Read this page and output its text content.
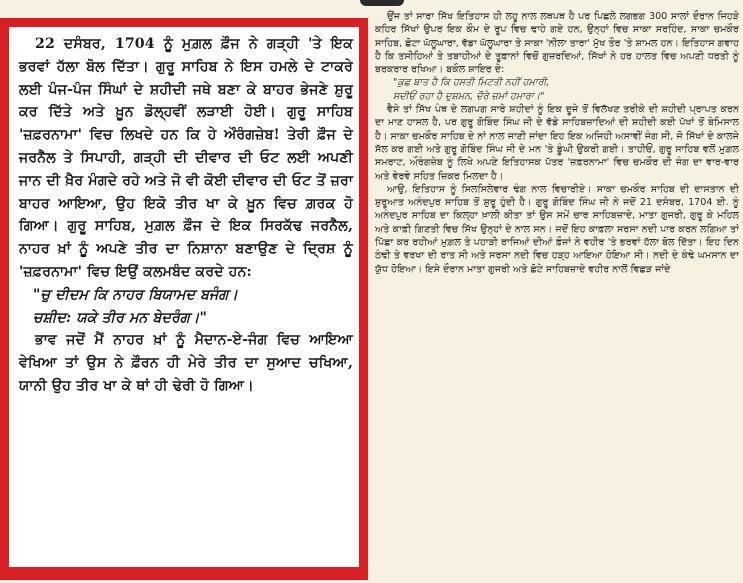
22 ਦਸੰਬਰ, 1704 ਨੂੰ ਮੁਗ਼ਲ ਫ਼ੌਜ ਨੇ ਗੜ੍ਹੀ 'ਤੇ ਇਕ ਭਰਵਾਂ ਹੱਲਾ ਬੋਲ ਦਿੱਤਾ। ਗੁਰੂ ਸਾਹਿਬ ਨੇ ਇਸ ਹਮਲੇ ਦੇ ਟਾਕਰੇ ਲਈ ਪੰਜ-ਪੰਜ ਸਿੰਘਾਂ ਦੇ ਸ਼ਹੀਦੀ ਜਥੇ ਬਣਾ ਕੇ ਬਾਹਰ ਭੇਜਣੇ ਸ਼ੁਰੂ ਕਰ ਦਿੱਤੇ ਅਤੇ ਖ਼ੂਨ ਡੋਲ੍ਹਵੀਂ ਲੜਾਈ ਹੋਈ। ਗੁਰੂ ਸਾਹਿਬ 'ਜ਼ਫ਼ਰਨਾਮਾ' ਵਿਚ ਲਿਖਦੇ ਹਨ ਕਿ ਹੇ ਔਰੰਗਜ਼ੇਬ! ਤੇਰੀ ਫ਼ੌਜ ਦੇ ਜਰਨੈਲ ਤੇ ਸਿਪਾਹੀ, ਗੜ੍ਹੀ ਦੀ ਦੀਵਾਰ ਦੀ ਓਟ ਲਈ ਅਪਣੀ ਜਾਨ ਦੀ ਖ਼ੈਰ ਮੰਗਦੇ ਰਹੇ ਅਤੇ ਜੋ ਵੀ ਕੋਈ ਦੀਵਾਰ ਦੀ ਓਟ ਤੋਂ ਜ਼ਰਾ ਬਾਹਰ ਆਇਆ, ਉਹ ਇਕੋ ਤੀਰ ਖਾ ਕੇ ਖ਼ੂਨ ਵਿਚ ਗ਼ਰਕ ਹੋ ਗਿਆ। ਗੁਰੂ ਸਾਹਿਬ, ਮੁਗ਼ਲ ਫ਼ੌਜ ਦੇ ਇਕ ਸਿਰਕੱਢ ਜਰਨੈਲ, ਨਾਹਰ ਖ਼ਾਂ ਨੂੰ ਅਪਣੇ ਤੀਰ ਦਾ ਨਿਸ਼ਾਨਾ ਬਣਾਉਣ ਦੇ ਦ੍ਰਿਸ਼ ਨੂੰ 'ਜ਼ਫ਼ਰਨਾਮਾ' ਵਿਚ ਇਉਂ ਕਲਮਬੰਦ ਕਰਦੇ ਹਨ:
"ਚੁ ਦੀਦਮ ਕਿ ਨਾਹਰ ਬਿਯਾਮਦ ਬਜੰਗ।
ਚਸ਼ੀਦ: ਯਕੇ ਤੀਰ ਮਨ ਬੇਦਰੰਗ।"
ਭਾਵ ਜਦੋਂ ਮੈਂ ਨਾਹਰ ਖ਼ਾਂ ਨੂੰ ਮੈਦਾਨ-ਏ-ਜੰਗ ਵਿਚ ਆਇਆ ਵੇਖਿਆ ਤਾਂ ਉਸ ਨੇ ਫ਼ੌਰਨ ਹੀ ਮੇਰੇ ਤੀਰ ਦਾ ਸੁਆਦ ਚਖਿਆ, ਯਾਨੀ ਉਹ ਤੀਰ ਖਾ ਕੇ ਥਾਂ ਹੀ ਢੇਰੀ ਹੋ ਗਿਆ।

ਉਂਜ ਤਾਂ ਸਾਰਾ ਸਿੱਖ ਇਤਿਹਾਸ ਹੀ ਲਹੂ ਨਾਲ ਲਥਪਥ ਹੈ ਪਰ ਪਿਛਲੇ ਲਗਭਗ 300 ਸਾਲਾਂ ਦੌਰਾਨ ਜਿਹੜੇ ਕਹਿਰ ਸਿੱਖਾਂ ਉਪਰ ਇਕ ਕੌਮ ਦੇ ਰੂਪ ਵਿਚ ਢਾਹੇ ਗਏ ਹਨ, ਉਨ੍ਹਾਂ ਵਿਚ ਸਾਕਾ ਸਰਹਿੰਦ, ਸਾਕਾ ਚਮਕੌਰ ਸਾਹਿਬ, ਛੋਟਾ ਘੱਲੂਘਾਰਾ, ਵੱਡਾ ਘੱਲੂਘਾਰਾ ਤੇ ਸਾਕਾ 'ਨੀਲਾ ਤਾਰਾ' ਮੁੱਖ ਤੌਰ 'ਤੇ ਸ਼ਾਮਲ ਹਨ। ਇਤਿਹਾਸ ਗਵਾਹ ਹੈ ਕਿ ਤਸੀਹਿਆਂ ਤੇ ਤਬਾਹੀਆਂ ਦੇ ਤੂਫ਼ਾਨਾਂ ਵਿਚੋਂ ਗੁਜ਼ਰਦਿਆਂ, ਸਿੱਖਾਂ ਨੇ ਹਰ ਹਾਲਤ ਵਿਚ ਅਪਣੀ ਧਰਤੀ ਨੂੰ ਬਰਕਰਾਰ ਰਖਿਆ। ਬਕੌਲ ਸ਼ਾਇਰ ਦੇ:
"ਕੁਛ ਬਾਤ ਹੈ ਕਿ ਹਸਤੀ ਮਿਟਤੀ ਨਹੀਂ ਹਮਾਰੀ,
ਸਦੀਓਂ ਰਹਾ ਹੈ ਦੁਸ਼ਮਨ, ਦੌਰੇ ਜ਼ਮਾਂ ਹਮਾਰਾ।"
ਵੈਸੇ ਤਾਂ ਸਿੱਖ ਪੰਥ ਦੇ ਲਗਪਗ ਸਾਰੇ ਸ਼ਹੀਦਾਂ ਨੂੰ ਇਕ ਦੂਜੇ ਤੋਂ ਵਿਲੱਖਣ ਤਰੀਕੇ ਦੀ ਸ਼ਹੀਦੀ ਪ੍ਰਾਪਤ ਕਰਨ ਦਾ ਮਾਣ ਹਾਸਲ ਹੈ, ਪਰ ਗੁਰੂ ਗੋਬਿੰਦ ਸਿੰਘ ਜੀ ਦੇ ਵੱਡੇ ਸਾਹਿਬਜ਼ਾਦਿਆਂ ਦੀ ਸ਼ਹੀਦੀ ਕਈ ਪੱਖਾਂ ਤੋਂ ਬੇਮਿਸਾਲ ਹੈ। ਸਾਕਾ ਚਮਕੌਰ ਸਾਹਿਬ ਦੇ ਨਾਂ ਨਾਲ ਜਾਣੀ ਜਾਂਦਾ ਇਹ ਇਕ ਅਜਿਹੀ ਅਸਾਵੀਂ ਜੰਗ ਸੀ, ਜੋ ਸਿੱਖਾਂ ਦੇ ਕਾਲਜੇ ਸੱਲ ਕਰ ਗਈ ਅਤੇ ਗੁਰੂ ਗੋਬਿੰਦ ਸਿੰਘ ਜੀ ਦੇ ਮਨ 'ਤੇ ਡੂੰਘੀ ਉਕਰੀ ਗਈ। ਤਾਹੀਓਂ, ਗੁਰੂ ਸਾਹਿਬ ਵਲੋਂ ਮੁਗ਼ਲ ਸਮਰਾਟ, ਔਰੰਗਜ਼ੇਬ ਨੂੰ ਲਿਖੇ ਅਪਣੇ ਇਤਿਹਾਸਕ ਪੱਤਰ 'ਜ਼ਫ਼ਰਨਾਮਾ' ਵਿਚ ਚਮਕੌਰ ਦੀ ਜੰਗ ਦਾ ਵਾਰ-ਵਾਰ ਅਤੇ ਵੇਰਵੇ ਸਹਿਤ ਜ਼ਿਕਰ ਮਿਲਦਾ ਹੈ।
ਆਉ, ਇਤਿਹਾਸ ਨੂੰ ਸਿਲਸਿਲੇਵਾਰ ਢੰਗ ਨਾਲ ਵਿਚਾਰੀਏ। ਸਾਕਾ ਚਮਕੌਰ ਸਾਹਿਬ ਦੀ ਦਾਸਤਾਨ ਦੀ ਸ਼ੁਰੂਆਤ ਅਨੰਦਪੁਰ ਸਾਹਿਬ ਤੋਂ ਸ਼ੁਰੂ ਹੁੰਦੀ ਹੈ। ਗੁਰੂ ਗੋਬਿੰਦ ਸਿੰਘ ਜੀ ਨੇ ਜਦੋਂ 21 ਦਸੰਬਰ, 1704 ਈ. ਨੂੰ ਅਨੰਦਪੁਰ ਸਾਹਿਬ ਦਾ ਕਿਲ੍ਹਾ ਖ਼ਾਲੀ ਕੀਤਾ ਤਾਂ ਉਸ ਸਮੇਂ ਚਾਰ ਸਾਹਿਬਜ਼ਾਦੇ, ਮਾਤਾ ਗੁਜਰੀ, ਗੁਰੂ ਕੇ ਮਹਿਲ ਅਤੇ ਕਾਫ਼ੀ ਗਿਣਤੀ ਵਿਚ ਸਿੱਖ ਉਨ੍ਹਾਂ ਦੇ ਨਾਲ ਸਨ। ਜਦੋਂ ਇਹ ਕਾਫ਼ਲਾ ਸਰਸਾ ਨਦੀ ਪਾਰ ਕਰਨ ਲਗਿਆ ਤਾਂ ਪਿੱਛਾ ਕਰ ਰਹੀਆਂ ਮੁਗ਼ਲ ਤੇ ਪਹਾੜੀ ਰਾਜਿਆਂ ਦੀਆਂ ਫ਼ੌਜਾਂ ਨੇ ਵਹੀਰ 'ਤੇ ਭਰਵਾਂ ਹੱਲਾ ਬੋਲ ਦਿੱਤਾ। ਇਹ ਦਿਨ ਠੰਢੀ ਤੇ ਵਰਖਾ ਦੀ ਰਾਤ ਸੀ ਅਤੇ ਸਰਸਾ ਨਦੀ ਵਿਚ ਹੜ੍ਹ ਆਇਆ ਹੋਇਆ ਸੀ। ਨਦੀ ਦੇ ਕੰਢੇ ਘਮਸਾਨ ਦਾ ਯੁੱਧ ਹੋਇਆ। ਇਸੇ ਦੌਰਾਨ ਮਾਤਾ ਗੁਜਰੀ ਅਤੇ ਛੋਟੇ ਸਾਹਿਬਜ਼ਾਦੇ ਵਹੀਰ ਨਾਲੋਂ ਵਿਛੜ ਜਾਂਦੇ
